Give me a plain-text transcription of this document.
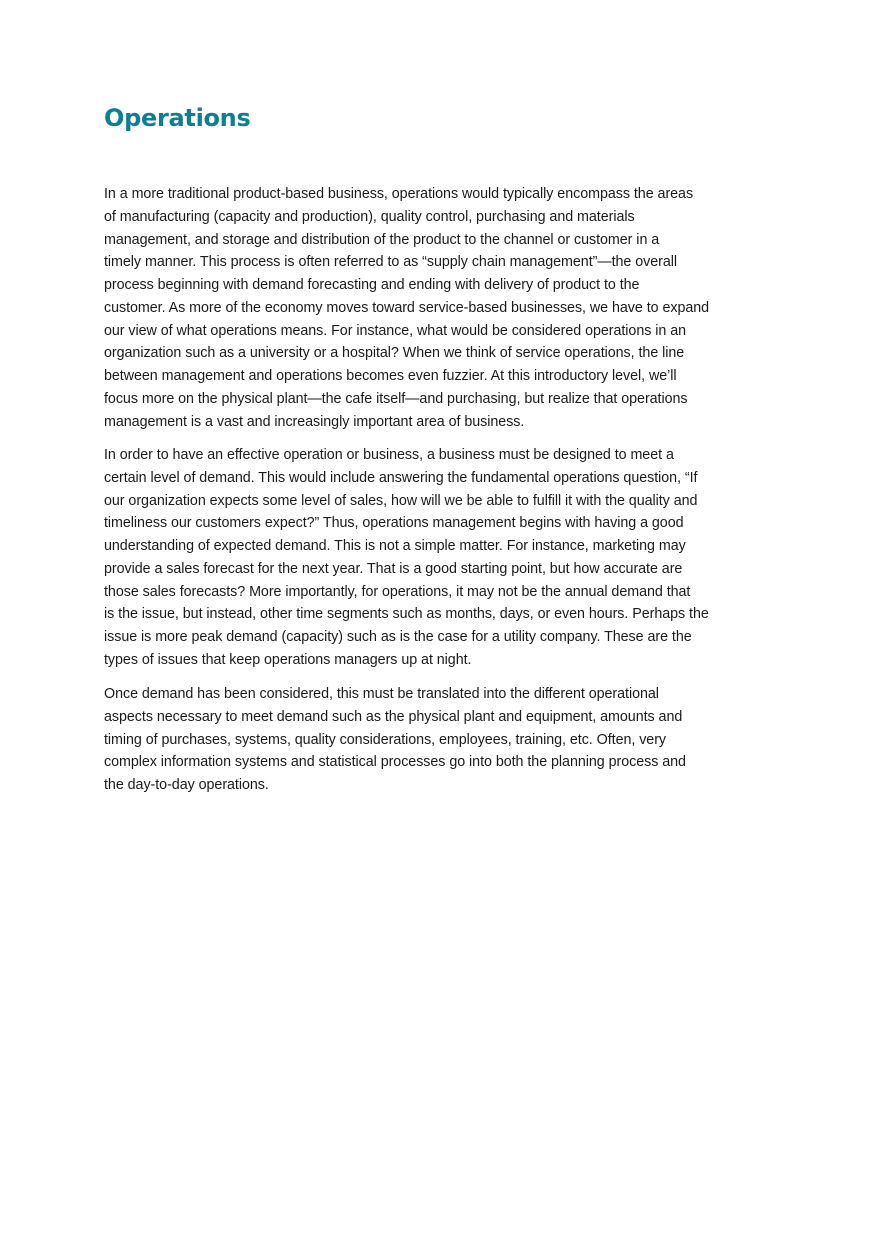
Operations
In a more traditional product-based business, operations would typically encompass the areas
of manufacturing (capacity and production), quality control, purchasing and materials
management, and storage and distribution of the product to the channel or customer in a
timely manner. This process is often referred to as “supply chain management”—the overall
process beginning with demand forecasting and ending with delivery of product to the
customer. As more of the economy moves toward service-based businesses, we have to expand
our view of what operations means. For instance, what would be considered operations in an
organization such as a university or a hospital? When we think of service operations, the line
between management and operations becomes even fuzzier. At this introductory level, we’ll
focus more on the physical plant—the cafe itself—and purchasing, but realize that operations
management is a vast and increasingly important area of business.
In order to have an effective operation or business, a business must be designed to meet a
certain level of demand. This would include answering the fundamental operations question, “If
our organization expects some level of sales, how will we be able to fulfill it with the quality and
timeliness our customers expect?” Thus, operations management begins with having a good
understanding of expected demand. This is not a simple matter. For instance, marketing may
provide a sales forecast for the next year. That is a good starting point, but how accurate are
those sales forecasts? More importantly, for operations, it may not be the annual demand that
is the issue, but instead, other time segments such as months, days, or even hours. Perhaps the
issue is more peak demand (capacity) such as is the case for a utility company. These are the
types of issues that keep operations managers up at night.
Once demand has been considered, this must be translated into the different operational
aspects necessary to meet demand such as the physical plant and equipment, amounts and
timing of purchases, systems, quality considerations, employees, training, etc. Often, very
complex information systems and statistical processes go into both the planning process and
the day-to-day operations.
